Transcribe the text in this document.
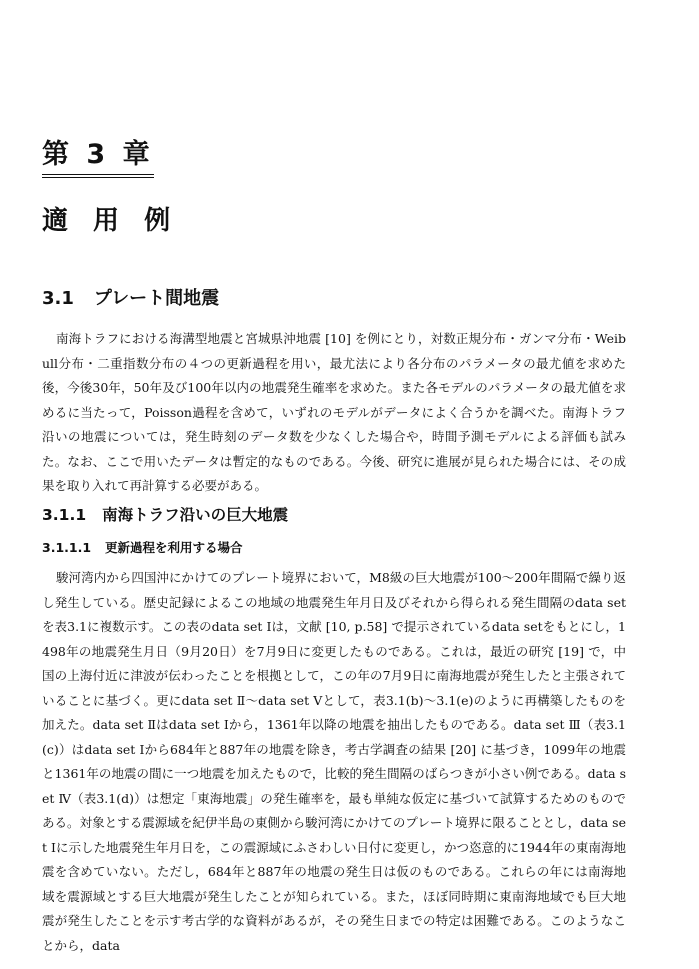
第 3 章
適 用 例
3.1 プレート間地震

南海トラフにおける海溝型地震と宮城県沖地震 [10] を例にとり，対数正規分布・ガンマ分布・Weibull分布・二重指数分布の４つの更新過程を用い，最尤法により各分布のパラメータの最尤値を求めた後，今後30年，50年及び100年以内の地震発生確率を求めた。また各モデルのパラメータの最尤値を求めるに当たって，Poisson過程を含めて，いずれのモデルがデータによく合うかを調べた。南海トラフ沿いの地震については，発生時刻のデータ数を少なくした場合や，時間予測モデルによる評価も試みた。なお、ここで用いたデータは暫定的なものである。今後、研究に進展が見られた場合には、その成果を取り入れて再計算する必要がある。

3.1.1 南海トラフ沿いの巨大地震
3.1.1.1 更新過程を利用する場合

駿河湾内から四国沖にかけてのプレート境界において，M8級の巨大地震が100〜200年間隔で繰り返し発生している。歴史記録によるこの地域の地震発生年月日及びそれから得られる発生間隔のdata setを表3.1に複数示す。この表のdata set Ⅰは，文献 [10, p.58] で提示されているdata setをもとにし，1498年の地震発生月日（9月20日）を7月9日に変更したものである。これは，最近の研究 [19] で，中国の上海付近に津波が伝わったことを根拠として，この年の7月9日に南海地震が発生したと主張されていることに基づく。更にdata set Ⅱ〜data set Ⅴとして，表3.1(b)〜3.1(e)のように再構築したものを加えた。data set Ⅱはdata set Ⅰから，1361年以降の地震を抽出したものである。data set Ⅲ（表3.1(c)）はdata set Ⅰから684年と887年の地震を除き，考古学調査の結果 [20] に基づき，1099年の地震と1361年の地震の間に一つ地震を加えたもので，比較的発生間隔のばらつきが小さい例である。data set Ⅳ（表3.1(d)）は想定「東海地震」の発生確率を，最も単純な仮定に基づいて試算するためのものである。対象とする震源域を紀伊半島の東側から駿河湾にかけてのプレート境界に限ることとし，data set Ⅰに示した地震発生年月日を，この震源域にふさわしい日付に変更し，かつ恣意的に1944年の東南海地震を含めていない。ただし，684年と887年の地震の発生日は仮のものである。これらの年には南海地域を震源域とする巨大地震が発生したことが知られている。また，ほぼ同時期に東南海地域でも巨大地震が発生したことを示す考古学的な資料があるが，その発生日までの特定は困難である。このようなことから，data
